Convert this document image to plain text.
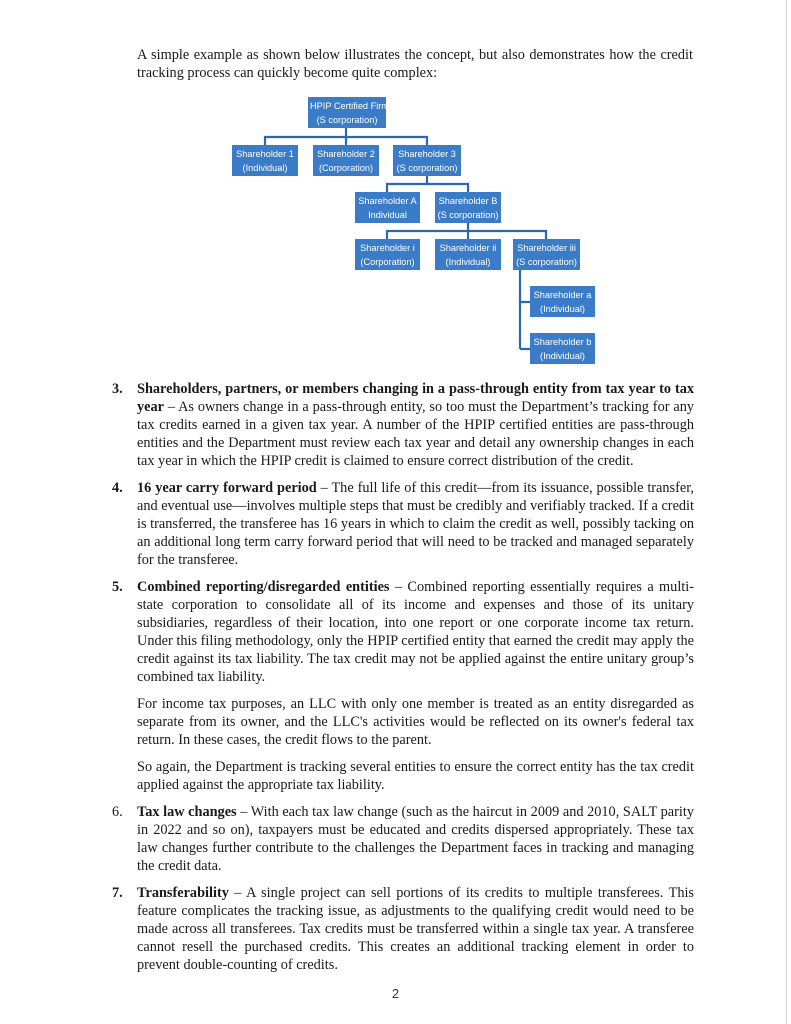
A simple example as shown below illustrates the concept, but also demonstrates how the credit tracking process can quickly become quite complex:

HPIP Certified Firm
(S corporation)
Shareholder 1
(Individual)
Shareholder 2
(Corporation)
Shareholder 3
(S corporation)
Shareholder A
Individual
Shareholder B
(S corporation)
Shareholder i
(Corporation)
Shareholder ii
(Individual)
Shareholder iii
(S corporation)
Shareholder a
(Individual)
Shareholder b
(Individual)
3. Shareholders, partners, or members changing in a pass-through entity from tax year to tax year – As owners change in a pass-through entity, so too must the Department’s tracking for any tax credits earned in a given tax year. A number of the HPIP certified entities are pass-through entities and the Department must review each tax year and detail any ownership changes in each tax year in which the HPIP credit is claimed to ensure correct distribution of the credit.

4. 16 year carry forward period – The full life of this credit—from its issuance, possible transfer, and eventual use—involves multiple steps that must be credibly and verifiably tracked. If a credit is transferred, the transferee has 16 years in which to claim the credit as well, possibly tacking on an additional long term carry forward period that will need to be tracked and managed separately for the transferee.

5. Combined reporting/disregarded entities – Combined reporting essentially requires a multi-state corporation to consolidate all of its income and expenses and those of its unitary subsidiaries, regardless of their location, into one report or one corporate income tax return. Under this filing methodology, only the HPIP certified entity that earned the credit may apply the credit against its tax liability. The tax credit may not be applied against the entire unitary group’s combined tax liability.

For income tax purposes, an LLC with only one member is treated as an entity disregarded as separate from its owner, and the LLC's activities would be reflected on its owner's federal tax return. In these cases, the credit flows to the parent.

So again, the Department is tracking several entities to ensure the correct entity has the tax credit applied against the appropriate tax liability.

6. Tax law changes – With each tax law change (such as the haircut in 2009 and 2010, SALT parity in 2022 and so on), taxpayers must be educated and credits dispersed appropriately. These tax law changes further contribute to the challenges the Department faces in tracking and managing the credit data.

7. Transferability – A single project can sell portions of its credits to multiple transferees. This feature complicates the tracking issue, as adjustments to the qualifying credit would need to be made across all transferees. Tax credits must be transferred within a single tax year. A transferee cannot resell the purchased credits. This creates an additional tracking element in order to prevent double-counting of credits.

2
